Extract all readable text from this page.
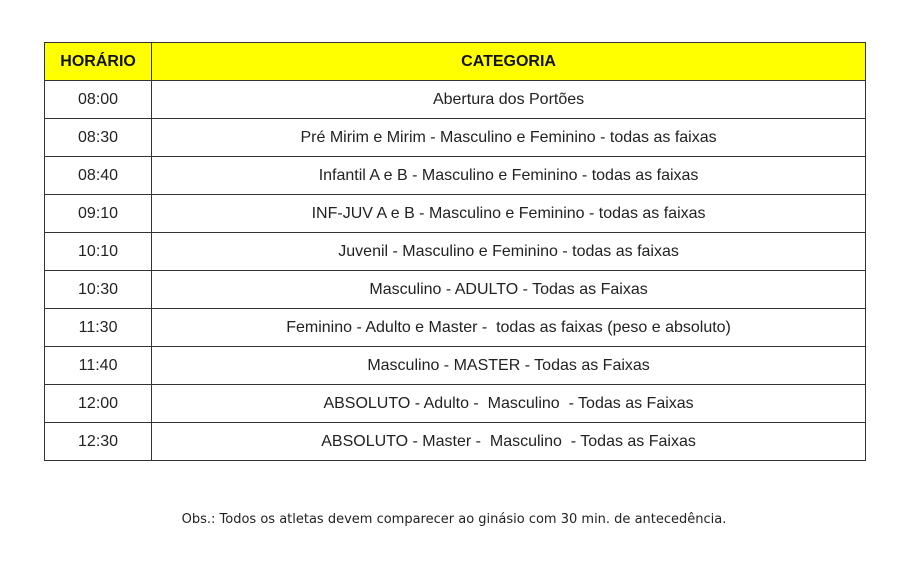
HORÁRIO	CATEGORIA
08:00	Abertura dos Portões
08:30	Pré Mirim e Mirim - Masculino e Feminino - todas as faixas
08:40	Infantil A e B - Masculino e Feminino - todas as faixas
09:10	INF-JUV A e B - Masculino e Feminino - todas as faixas
10:10	Juvenil - Masculino e Feminino - todas as faixas
10:30	Masculino - ADULTO - Todas as Faixas
11:30	Feminino - Adulto e Master -  todas as faixas (peso e absoluto)
11:40	Masculino - MASTER - Todas as Faixas
12:00	ABSOLUTO - Adulto -  Masculino  - Todas as Faixas
12:30	ABSOLUTO - Master -  Masculino  - Todas as Faixas
Obs.: Todos os atletas devem comparecer ao ginásio com 30 min. de antecedência.
